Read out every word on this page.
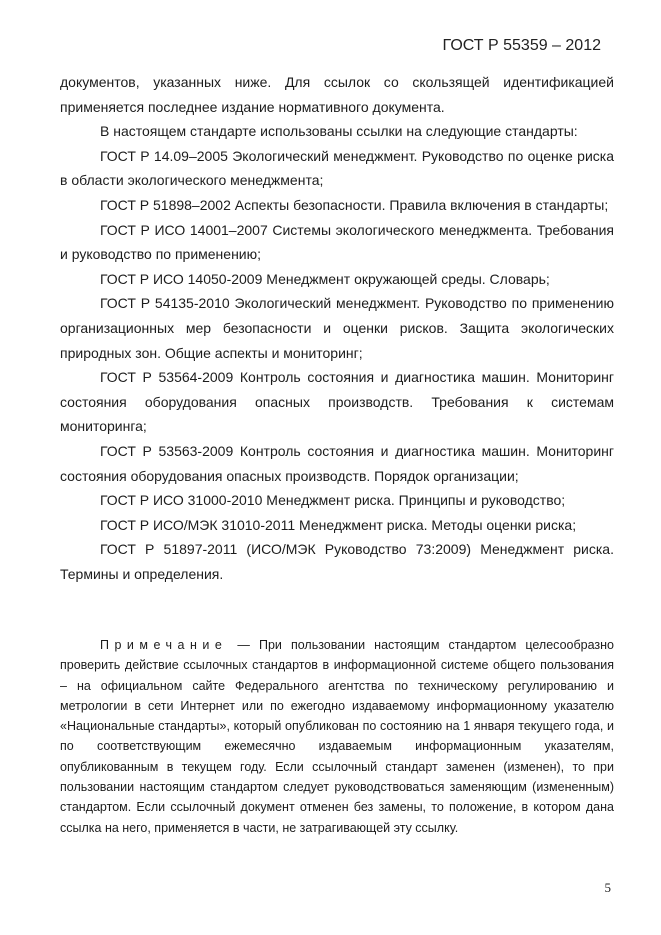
ГОСТ Р 55359 – 2012

документов, указанных ниже. Для ссылок со скользящей идентификацией применяется последнее издание нормативного документа.

В настоящем стандарте использованы ссылки на следующие стандарты:

ГОСТ Р 14.09–2005 Экологический менеджмент. Руководство по оценке риска в области экологического менеджмента;

ГОСТ Р 51898–2002 Аспекты безопасности. Правила включения в стандарты;

ГОСТ Р ИСО 14001–2007 Системы экологического менеджмента. Требования и руководство по применению;

ГОСТ Р ИСО 14050-2009 Менеджмент окружающей среды. Словарь;

ГОСТ Р 54135-2010 Экологический менеджмент. Руководство по применению организационных мер безопасности и оценки рисков. Защита экологических природных зон. Общие аспекты и мониторинг;

ГОСТ Р 53564-2009 Контроль состояния и диагностика машин. Мониторинг состояния оборудования опасных производств. Требования к системам мониторинга;

ГОСТ Р 53563-2009 Контроль состояния и диагностика машин. Мониторинг состояния оборудования опасных производств. Порядок организации;

ГОСТ Р ИСО 31000-2010 Менеджмент риска. Принципы и руководство;

ГОСТ Р ИСО/МЭК 31010-2011 Менеджмент риска. Методы оценки риска;

ГОСТ Р 51897-2011 (ИСО/МЭК Руководство 73:2009) Менеджмент риска. Термины и определения.

Примечание — При пользовании настоящим стандартом целесообразно проверить действие ссылочных стандартов в информационной системе общего пользования – на официальном сайте Федерального агентства по техническому регулированию и метрологии в сети Интернет или по ежегодно издаваемому информационному указателю «Национальные стандарты», который опубликован по состоянию на 1 января текущего года, и по соответствующим ежемесячно издаваемым информационным указателям, опубликованным в текущем году. Если ссылочный стандарт заменен (изменен), то при пользовании настоящим стандартом следует руководствоваться заменяющим (измененным) стандартом. Если ссылочный документ отменен без замены, то положение, в котором дана ссылка на него, применяется в части, не затрагивающей эту ссылку.
5
